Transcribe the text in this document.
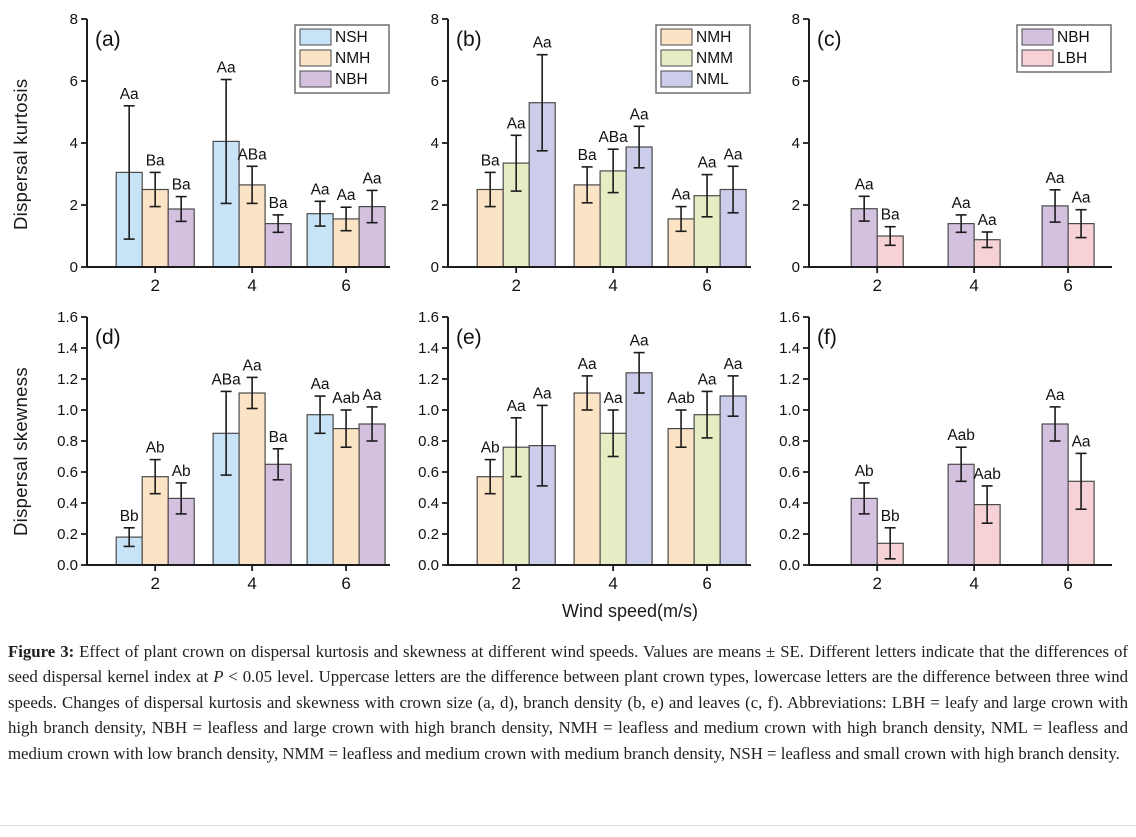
Dispersal kurtosis	Aa
Ba
Ba
Aa
ABa
Ba
Aa Aa
Aa
0
2
4
6
8
2	4	6
(a)	NSH
NMH
NBH
Ba
Aa
Aa
Ba
ABa
Aa
Aa
Aa Aa
0
2
4
6
8
2	4	6
(b)	NMH
NMM
NML
Aa
Ba
Aa
Aa
Aa
Aa
0
2
4
6
8
2	4	6
(c)	NBH
LBH
Dispersal skewness	Bb
Ab
Ab
ABa
Aa
Ba
Aa
Aab Aa
0.0
0.2
0.4
0.6
0.8
1.0
1.2
1.4
1.6
2	4	6
(d)
Ab
Aa
Aa
Aa
Aa
Aa
Aab
Aa
Aa
0.0
0.2
0.4
0.6
0.8
1.0
1.2
1.4
1.6
2	4	6
(e)
Ab
Bb
Aab
Aab
Aa
Aa
0.0
0.2
0.4
0.6
0.8
1.0
1.2
1.4
1.6
2	4	6
(f)
Wind speed(m/s)

Figure 3: Effect of plant crown on dispersal kurtosis and skewness at different wind speeds. Values are means ± SE. Different letters indicate that the differences of seed dispersal kernel index at P < 0.05 level. Uppercase letters are the difference between plant crown types, lowercase letters are the difference between three wind speeds. Changes of dispersal kurtosis and skewness with crown size (a, d), branch density (b, e) and leaves (c, f). Abbreviations: LBH = leafy and large crown with high branch density, NBH = leafless and large crown with high branch density, NMH = leafless and medium crown with high branch density, NML = leafless and medium crown with low branch density, NMM = leafless and medium crown with medium branch density, NSH = leafless and small crown with high branch density.
